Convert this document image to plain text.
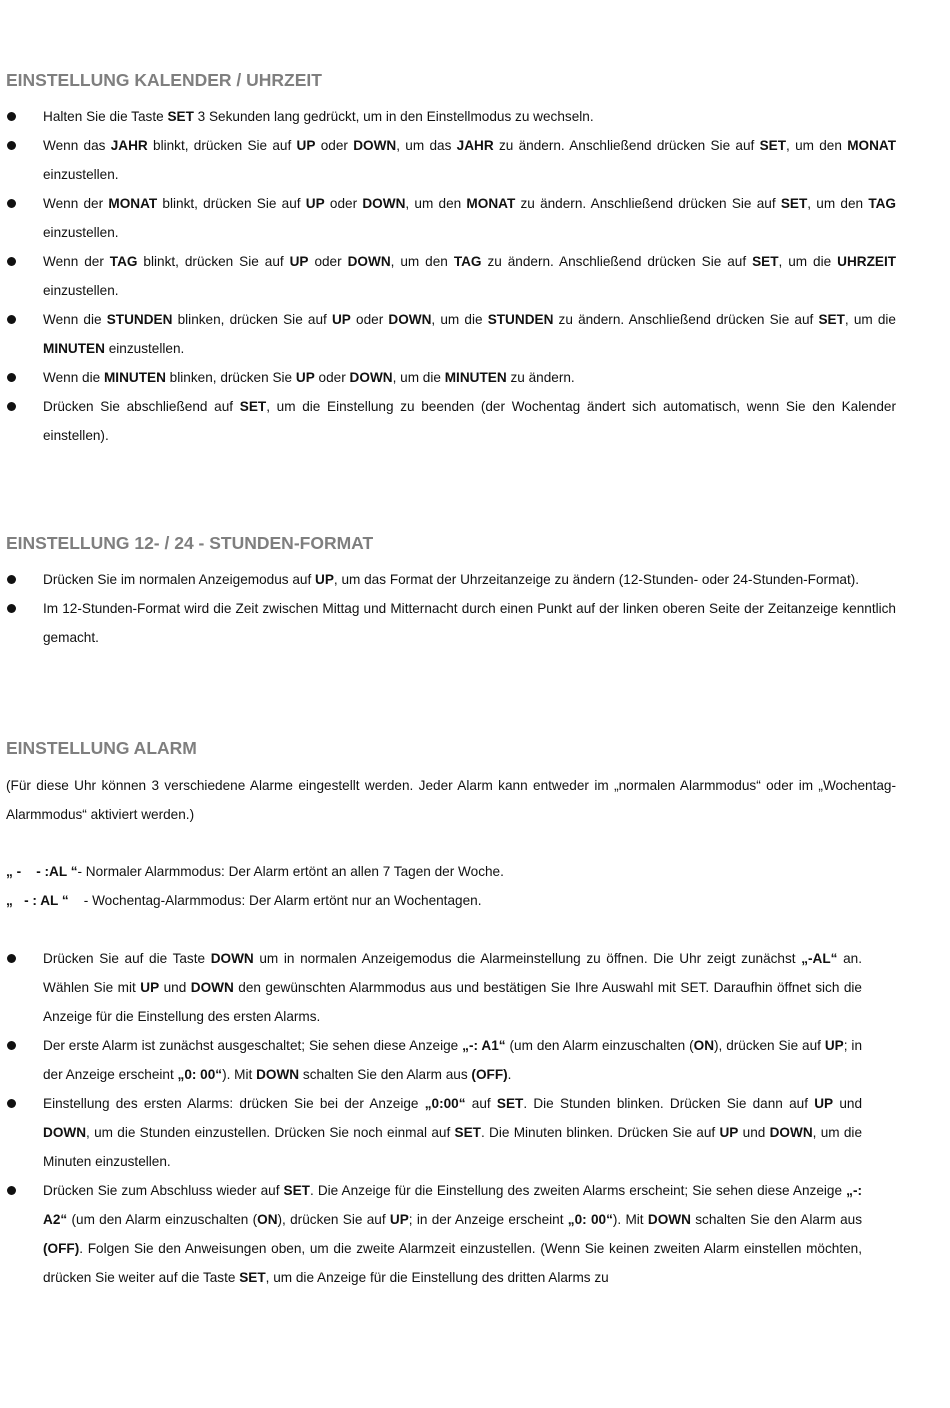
EINSTELLUNG KALENDER / UHRZEIT
Halten Sie die Taste SET 3 Sekunden lang gedrückt, um in den Einstellmodus zu wechseln.
Wenn das JAHR blinkt, drücken Sie auf UP oder DOWN, um das JAHR zu ändern. Anschließend drücken Sie auf SET, um den MONAT einzustellen.
Wenn der MONAT blinkt, drücken Sie auf UP oder DOWN, um den MONAT zu ändern. Anschließend drücken Sie auf SET, um den TAG einzustellen.
Wenn der TAG blinkt, drücken Sie auf UP oder DOWN, um den TAG zu ändern. Anschließend drücken Sie auf SET, um die UHRZEIT einzustellen.
Wenn die STUNDEN blinken, drücken Sie auf UP oder DOWN, um die STUNDEN zu ändern. Anschließend drücken Sie auf SET, um die MINUTEN einzustellen.
Wenn die MINUTEN blinken, drücken Sie UP oder DOWN, um die MINUTEN zu ändern.
Drücken Sie abschließend auf SET, um die Einstellung zu beenden (der Wochentag ändert sich automatisch, wenn Sie den Kalender einstellen).
EINSTELLUNG 12- / 24 - STUNDEN-FORMAT
Drücken Sie im normalen Anzeigemodus auf UP, um das Format der Uhrzeitanzeige zu ändern (12-Stunden- oder 24-Stunden-Format).
Im 12-Stunden-Format wird die Zeit zwischen Mittag und Mitternacht durch einen Punkt auf der linken oberen Seite der Zeitanzeige kenntlich gemacht.
EINSTELLUNG ALARM

(Für diese Uhr können 3 verschiedene Alarme eingestellt werden. Jeder Alarm kann entweder im „normalen Alarmmodus“ oder im „Wochentag- Alarmmodus“ aktiviert werden.)

„ -    - :AL “- Normaler Alarmmodus: Der Alarm ertönt an allen 7 Tagen der Woche.

„   - : AL “    - Wochentag-Alarmmodus: Der Alarm ertönt nur an Wochentagen.

Drücken Sie auf die Taste DOWN um in normalen Anzeigemodus die Alarmeinstellung zu öffnen. Die Uhr zeigt zunächst „-AL“ an. Wählen Sie mit UP und DOWN den gewünschten Alarmmodus aus und bestätigen Sie Ihre Auswahl mit SET. Daraufhin öffnet sich die Anzeige für die Einstellung des ersten Alarms.
Der erste Alarm ist zunächst ausgeschaltet; Sie sehen diese Anzeige „-: A1“ (um den Alarm einzuschalten (ON), drücken Sie auf UP; in der Anzeige erscheint „0: 00“). Mit DOWN schalten Sie den Alarm aus (OFF).
Einstellung des ersten Alarms: drücken Sie bei der Anzeige „0:00“ auf SET. Die Stunden blinken. Drücken Sie dann auf UP und DOWN, um die Stunden einzustellen. Drücken Sie noch einmal auf SET. Die Minuten blinken. Drücken Sie auf UP und DOWN, um die Minuten einzustellen.
Drücken Sie zum Abschluss wieder auf SET. Die Anzeige für die Einstellung des zweiten Alarms erscheint; Sie sehen diese Anzeige „-: A2“ (um den Alarm einzuschalten (ON), drücken Sie auf UP; in der Anzeige erscheint „0: 00“). Mit DOWN schalten Sie den Alarm aus (OFF). Folgen Sie den Anweisungen oben, um die zweite Alarmzeit einzustellen. (Wenn Sie keinen zweiten Alarm einstellen möchten, drücken Sie weiter auf die Taste SET, um die Anzeige für die Einstellung des dritten Alarms zu
